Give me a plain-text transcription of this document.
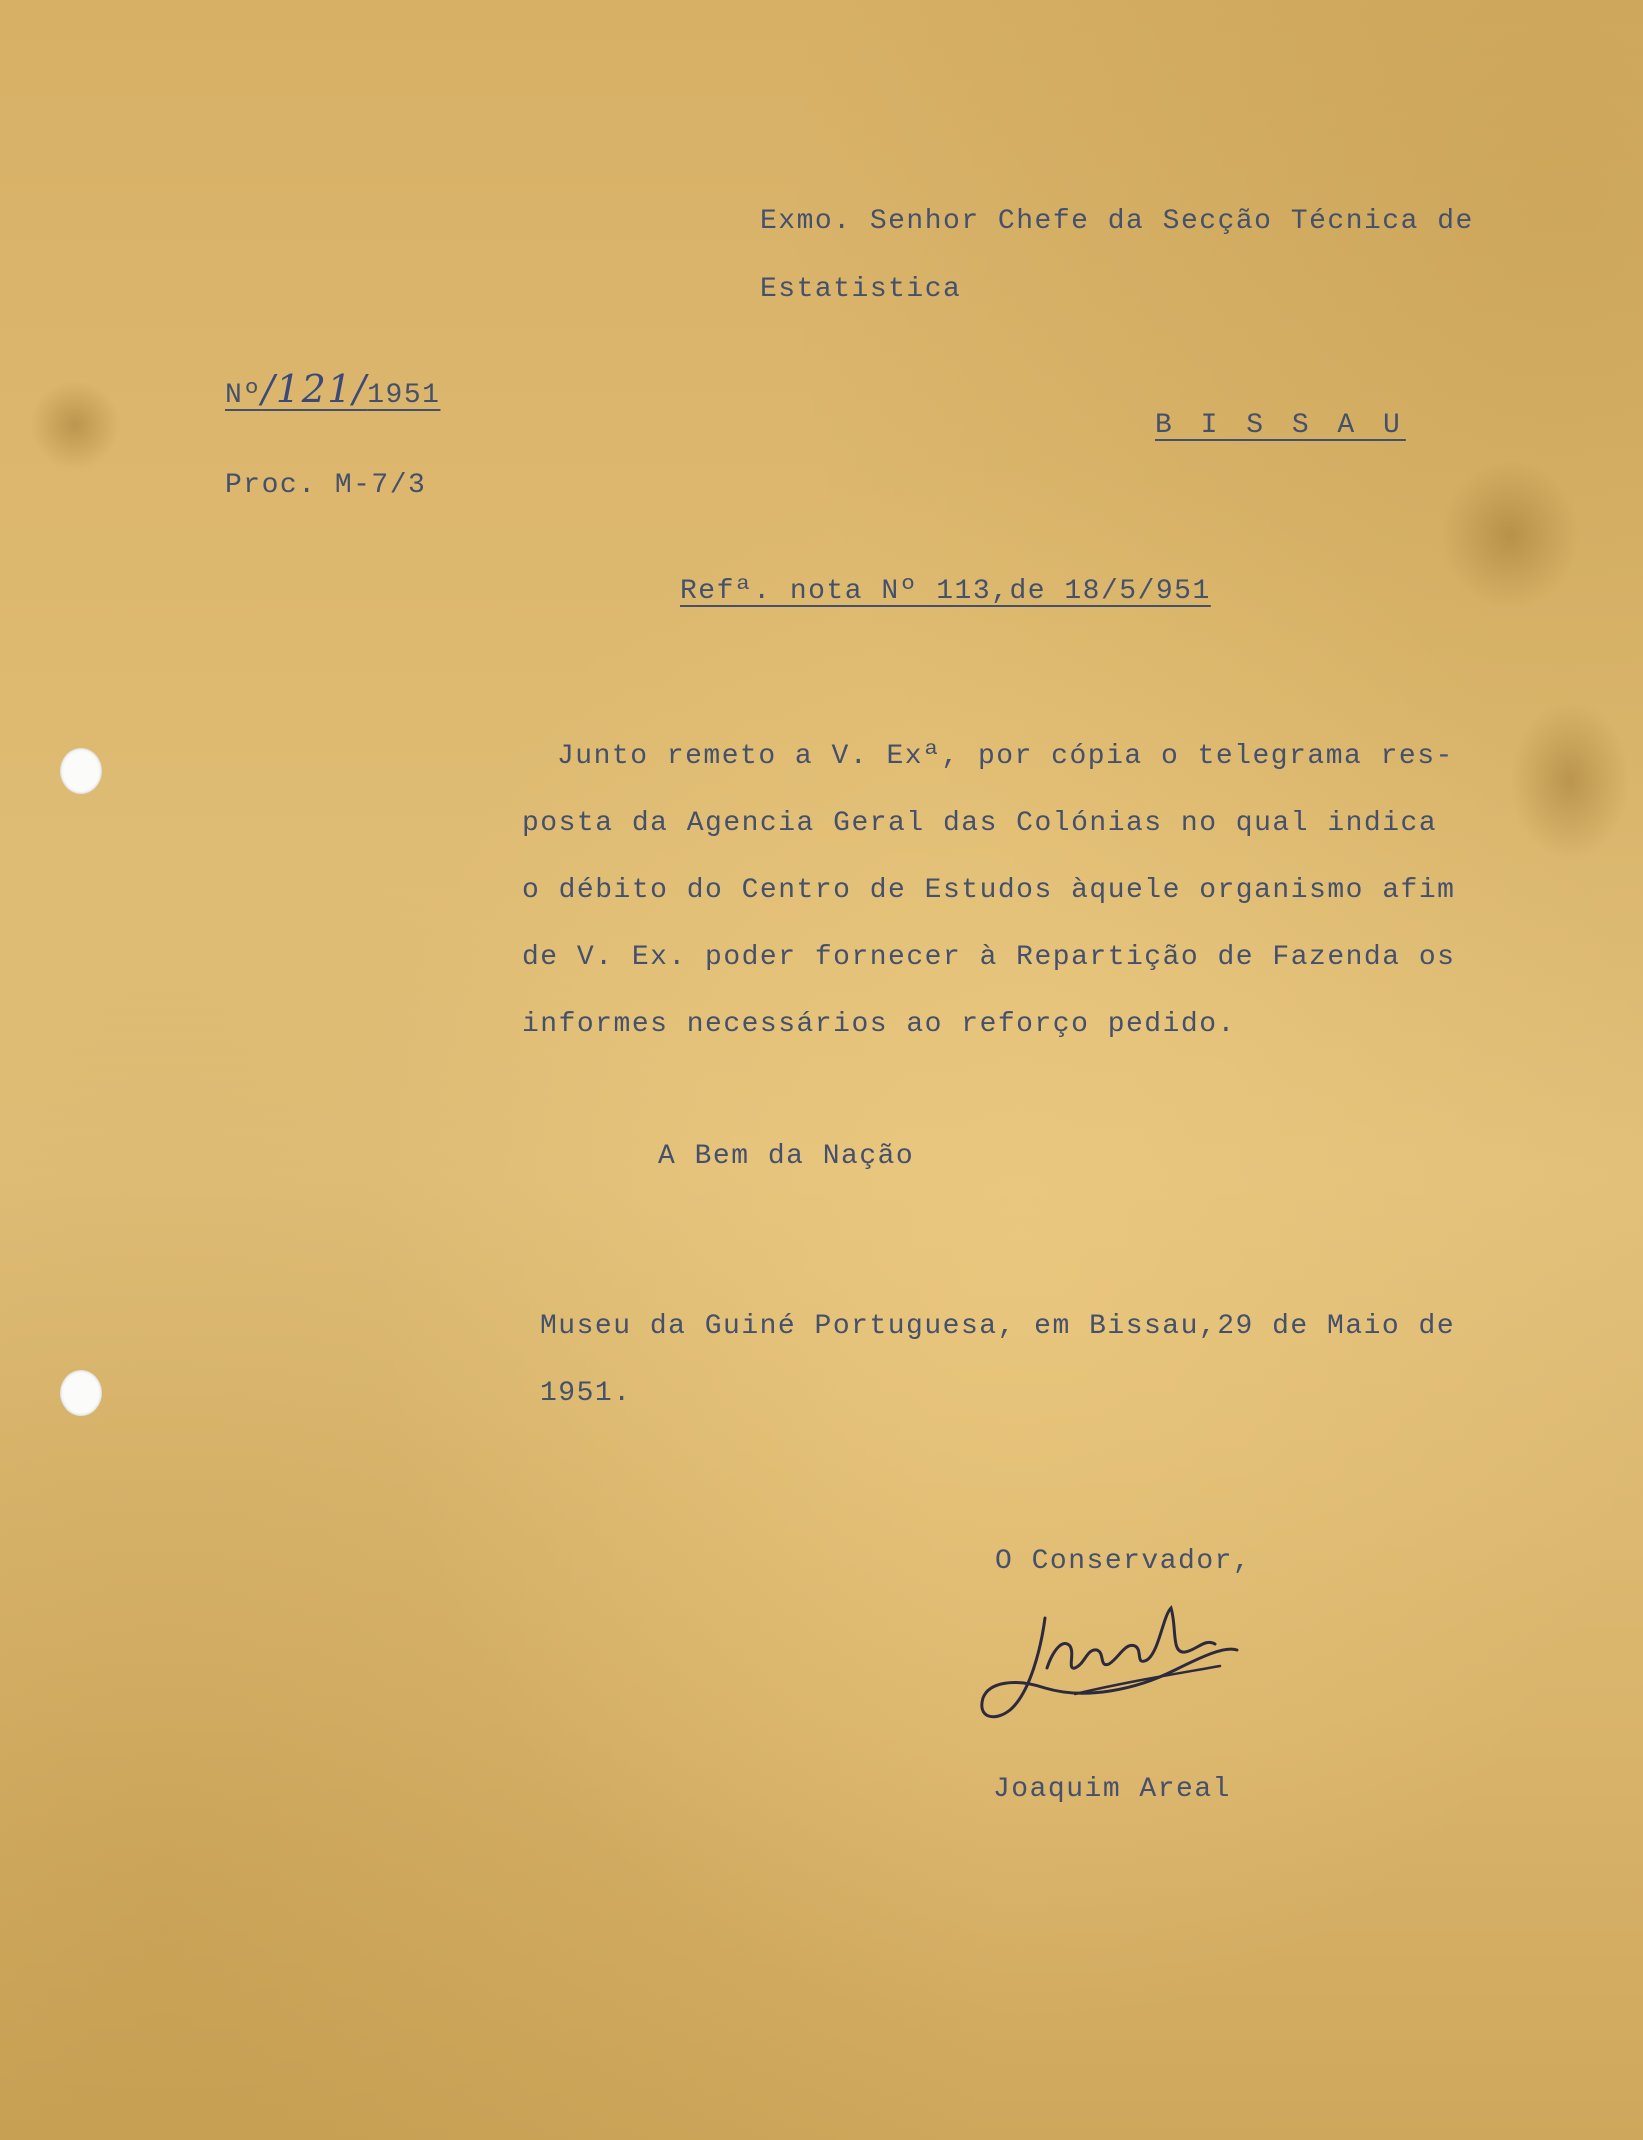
Exmo. Senhor Chefe da Secção Técnica de
Estatistica
Nº/121/1951
B I S S A U
Proc. M-7/3
Refª. nota Nº 113,de 18/5/951
Junto remeto a V. Exª, por cópia o telegrama res-
posta da Agencia Geral das Colónias no qual indica
o débito do Centro de Estudos àquele organismo afim
de V. Ex. poder fornecer à Repartição de Fazenda os
informes necessários ao reforço pedido.
A Bem da Nação
Museu da Guiné Portuguesa, em Bissau,29 de Maio de
1951.
O Conservador,
Joaquim Areal
